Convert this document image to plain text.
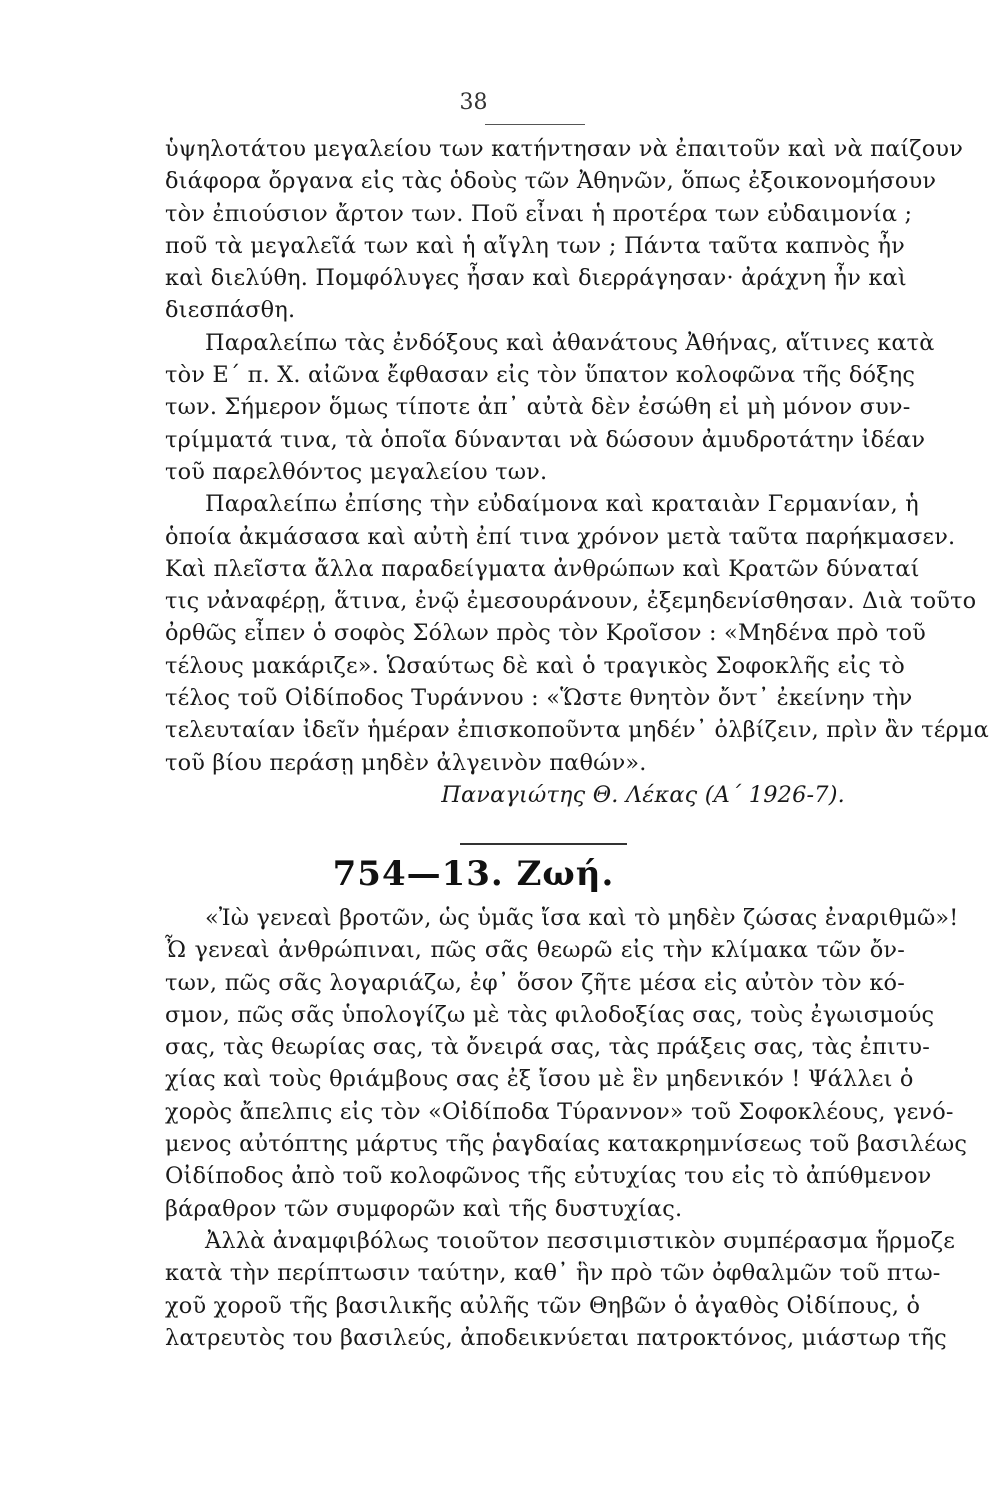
38
ὑψηλοτάτου μεγαλείου των κατήντησαν νὰ ἐπαιτοῦν καὶ νὰ παίζουν
διάφορα ὄργανα εἰς τὰς ὁδοὺς τῶν Ἀθηνῶν, ὅπως ἐξοικονομήσουν
τὸν ἐπιούσιον ἄρτον των. Ποῦ εἶναι ἡ προτέρα των εὐδαιμονία ;
ποῦ τὰ μεγαλεῖά των καὶ ἡ αἴγλη των ; Πάντα ταῦτα καπνὸς ἦν
καὶ διελύθη. Πομφόλυγες ἦσαν καὶ διερράγησαν· ἀράχνη ἦν καὶ
διεσπάσθη.
Παραλείπω τὰς ἐνδόξους καὶ ἀθανάτους Ἀθήνας, αἵτινες κατὰ
τὸν Ε΄ π. Χ. αἰῶνα ἔφθασαν εἰς τὸν ὕπατον κολοφῶνα τῆς δόξης
των. Σήμερον ὅμως τίποτε ἀπ᾽ αὐτὰ δὲν ἐσώθη εἰ μὴ μόνον συν-
τρίμματά τινα, τὰ ὁποῖα δύνανται νὰ δώσουν ἀμυδροτάτην ἰδέαν
τοῦ παρελθόντος μεγαλείου των.
Παραλείπω ἐπίσης τὴν εὐδαίμονα καὶ κραταιὰν Γερμανίαν, ἡ
ὁποία ἀκμάσασα καὶ αὐτὴ ἐπί τινα χρόνον μετὰ ταῦτα παρήκμασεν.
Καὶ πλεῖστα ἄλλα παραδείγματα ἀνθρώπων καὶ Κρατῶν δύναταί
τις νἀναφέρῃ, ἅτινα, ἐνῷ ἐμεσουράνουν, ἐξεμηδενίσθησαν. Διὰ τοῦτο
ὀρθῶς εἶπεν ὁ σοφὸς Σόλων πρὸς τὸν Κροῖσον : «Μηδένα πρὸ τοῦ
τέλους μακάριζε». Ὡσαύτως δὲ καὶ ὁ τραγικὸς Σοφοκλῆς εἰς τὸ
τέλος τοῦ Οἰδίποδος Τυράννου : «Ὥστε θνητὸν ὄντ᾽ ἐκείνην τὴν
τελευταίαν ἰδεῖν ἡμέραν ἐπισκοποῦντα μηδέν᾽ ὀλβίζειν, πρὶν ἂν τέρμα
τοῦ βίου περάσῃ μηδὲν ἀλγεινὸν παθών».
Παναγιώτης Θ. Λέκας (Α΄ 1926-7).
754—13. Ζωή.
«Ἰὼ γενεαὶ βροτῶν, ὡς ὑμᾶς ἴσα καὶ τὸ μηδὲν ζώσας ἐναριθμῶ»!
Ὦ γενεαὶ ἀνθρώπιναι, πῶς σᾶς θεωρῶ εἰς τὴν κλίμακα τῶν ὄν-
των, πῶς σᾶς λογαριάζω, ἐφ᾽ ὅσον ζῆτε μέσα εἰς αὐτὸν τὸν κό-
σμον, πῶς σᾶς ὑπολογίζω μὲ τὰς φιλοδοξίας σας, τοὺς ἐγωισμούς
σας, τὰς θεωρίας σας, τὰ ὄνειρά σας, τὰς πράξεις σας, τὰς ἐπιτυ-
χίας καὶ τοὺς θριάμβους σας ἐξ ἴσου μὲ ἓν μηδενικόν ! Ψάλλει ὁ
χορὸς ἄπελπις εἰς τὸν «Οἰδίποδα Τύραννον» τοῦ Σοφοκλέους, γενό-
μενος αὐτόπτης μάρτυς τῆς ῥαγδαίας κατακρημνίσεως τοῦ βασιλέως
Οἰδίποδος ἀπὸ τοῦ κολοφῶνος τῆς εὐτυχίας του εἰς τὸ ἀπύθμενον
βάραθρον τῶν συμφορῶν καὶ τῆς δυστυχίας.
Ἀλλὰ ἀναμφιβόλως τοιοῦτον πεσσιμιστικὸν συμπέρασμα ἥρμοζε
κατὰ τὴν περίπτωσιν ταύτην, καθ᾽ ἣν πρὸ τῶν ὀφθαλμῶν τοῦ πτω-
χοῦ χοροῦ τῆς βασιλικῆς αὐλῆς τῶν Θηβῶν ὁ ἀγαθὸς Οἰδίπους, ὁ
λατρευτὸς του βασιλεύς, ἀποδεικνύεται πατροκτόνος, μιάστωρ τῆς
